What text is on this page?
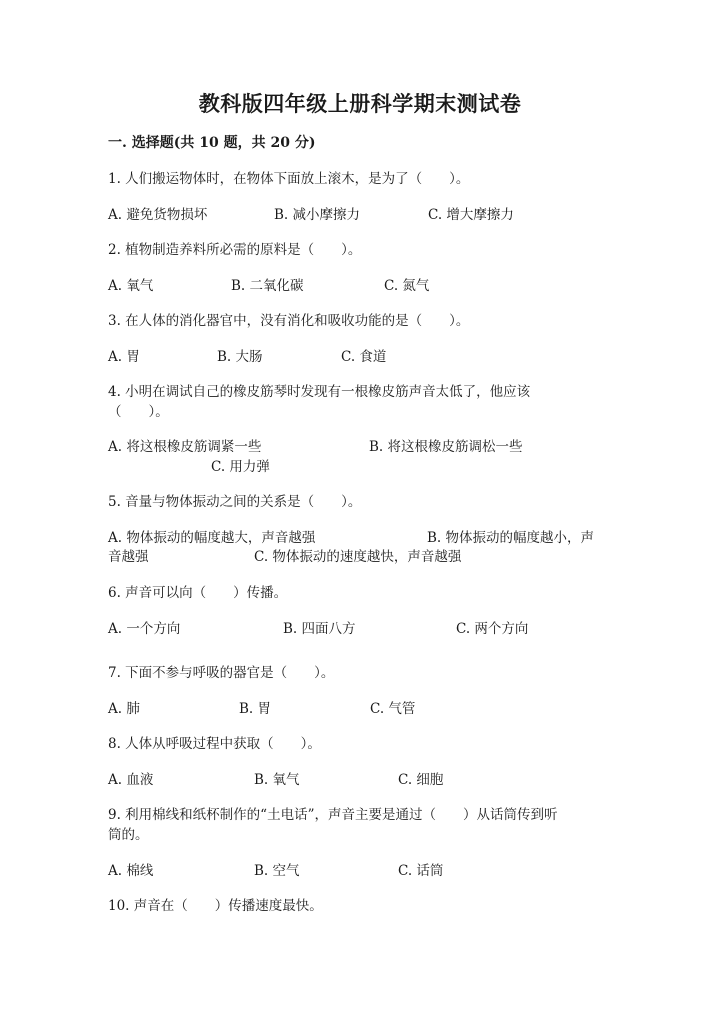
教科版四年级上册科学期末测试卷
一. 选择题(共 10 题，共 20 分)
1. 人们搬运物体时，在物体下面放上滚木，是为了（　　）。
A. 避免货物损坏	B. 减小摩擦力	C. 增大摩擦力
2. 植物制造养料所必需的原料是（　　）。
A. 氧气	B. 二氧化碳	C. 氮气
3. 在人体的消化器官中，没有消化和吸收功能的是（　　）。
A. 胃	B. 大肠	C. 食道
4. 小明在调试自己的橡皮筋琴时发现有一根橡皮筋声音太低了，他应该
（　　）。
A. 将这根橡皮筋调紧一些	B. 将这根橡皮筋调松一些
C. 用力弹
5. 音量与物体振动之间的关系是（　　）。
A. 物体振动的幅度越大，声音越强	B. 物体振动的幅度越小，声
音越强	C. 物体振动的速度越快，声音越强
6. 声音可以向（　　）传播。
A. 一个方向	B. 四面八方	C. 两个方向
7. 下面不参与呼吸的器官是（　　）。
A. 肺	B. 胃	C. 气管
8. 人体从呼吸过程中获取（　　）。
A. 血液	B. 氧气	C. 细胞
9. 利用棉线和纸杯制作的“土电话”，声音主要是通过（　　）从话筒传到听
筒的。
A. 棉线	B. 空气	C. 话筒
10. 声音在（　　）传播速度最快。
